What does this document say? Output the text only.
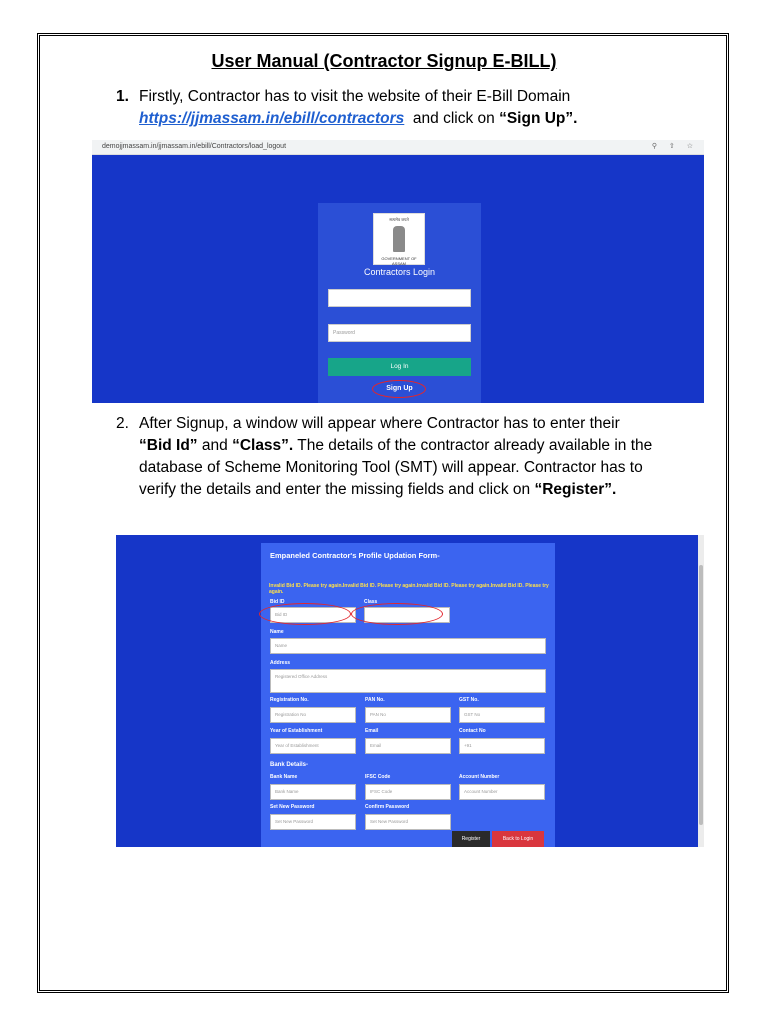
User Manual (Contractor Signup E-BILL)
1. Firstly, Contractor has to visit the website of their E-Bill Domain
https://jjmassam.in/ebill/contractors and click on “Sign Up”.
demojjmassam.in/jjmassam.in/ebill/Contractors/load_logout	⚲ ⇧ ☆
सत्यमेव जयते
GOVERNMENT OF ASSAM
Contractors Login
Password
Log In
Sign Up
2. After Signup, a window will appear where Contractor has to enter their
“Bid Id” and “Class”. The details of the contractor already available in the
database of Scheme Monitoring Tool (SMT) will appear. Contractor has to
verify the details and enter the missing fields and click on “Register”.
Empaneled Contractor's Profile Updation Form-
Invalid Bid ID. Please try again.Invalid Bid ID. Please try again.Invalid Bid ID. Please try again.Invalid Bid ID. Please try again.
Bid ID	Class
Bid ID
Name
Name
Address
Registered Office Address
Registration No.	PAN No.	GST No.
Registration No	PAN No	GST No
Year of Establishment	Email	Contact No
Year of Establishment	Email	+91
Bank Details-
Bank Name	IFSC Code	Account Number
Bank Name	IFSC Code	Account Number
Set New Password	Confirm Password
Set New Password	Set New Password
Register	Back to Login
